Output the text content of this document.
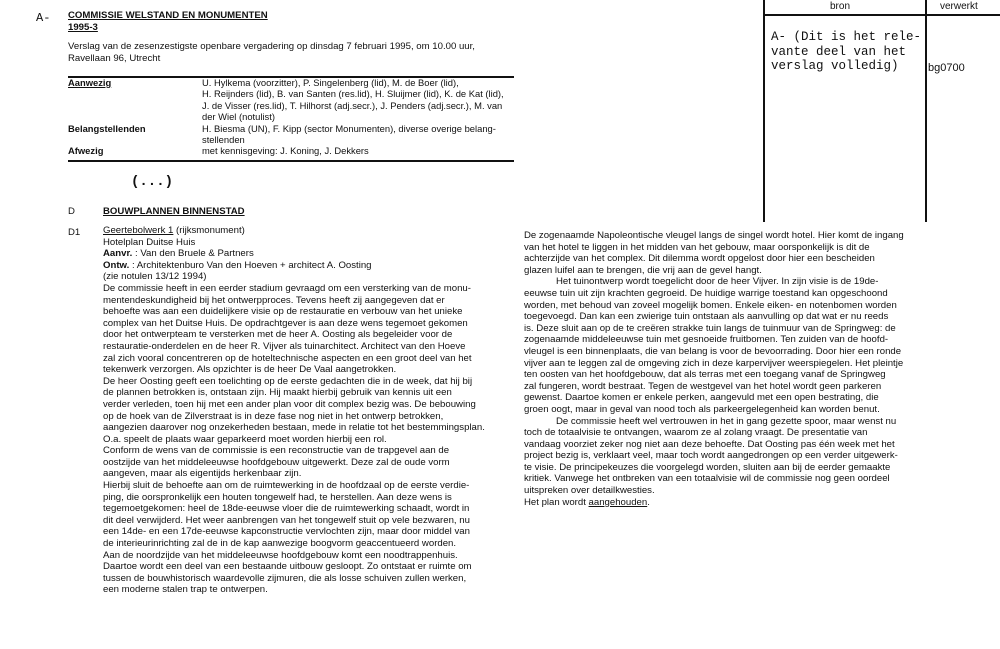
A- COMMISSIE WELSTAND EN MONUMENTEN
1995-3
Verslag van de zesenzestigste openbare vergadering op dinsdag 7 februari 1995, om 10.00 uur,
Ravellaan 96, Utrecht
Aanwezig	U. Hylkema (voorzitter), P. Singelenberg (lid), M. de Boer (lid),
H. Reijnders (lid), B. van Santen (res.lid), H. Sluijmer (lid), K. de Kat (lid),
J. de Visser (res.lid), T. Hilhorst (adj.secr.), J. Penders (adj.secr.), M. van
der Wiel (notulist)

Belangstellenden	H. Biesma (UN), F. Kipp (sector Monumenten), diverse overige belang-
stellenden

Afwezig	met kennisgeving: J. Koning, J. Dekkers
(...)
D	BOUWPLANNEN BINNENSTAD
D1 Geertebolwerk 1 (rijksmonument)
Hotelplan Duitse Huis
Aanvr. : Van den Bruele & Partners
Ontw. : Architektenburo Van den Hoeven + architect A. Oosting
(zie notulen 13/12 1994)
De commissie heeft in een eerder stadium gevraagd om een versterking van de monu-
mentendeskundigheid bij het ontwerpproces. Tevens heeft zij aangegeven dat er
behoefte was aan een duidelijkere visie op de restauratie en verbouw van het unieke
complex van het Duitse Huis. De opdrachtgever is aan deze wens tegemoet gekomen
door het ontwerpteam te versterken met de heer A. Oosting als begeleider voor de
restauratie-onderdelen en de heer R. Vijver als tuinarchitect. Architect van den Hoeve
zal zich vooral concentreren op de hoteltechnische aspecten en een groot deel van het
tekenwerk verzorgen. Als opzichter is de heer De Vaal aangetrokken.
De heer Oosting geeft een toelichting op de eerste gedachten die in de week, dat hij bij
de plannen betrokken is, ontstaan zijn. Hij maakt hierbij gebruik van kennis uit een
verder verleden, toen hij met een ander plan voor dit complex bezig was. De bebouwing
op de hoek van de Zilverstraat is in deze fase nog niet in het ontwerp betrokken,
aangezien daarover nog onzekerheden bestaan, mede in relatie tot het bestemmingsplan.
O.a. speelt de plaats waar geparkeerd moet worden hierbij een rol.
Conform de wens van de commissie is een reconstructie van de trapgevel aan de
oostzijde van het middeleeuwse hoofdgebouw uitgewerkt. Deze zal de oude vorm
aangeven, maar als eigentijds herkenbaar zijn.
Hierbij sluit de behoefte aan om de ruimtewerking in de hoofdzaal op de eerste verdie-
ping, die oorspronkelijk een houten tongewelf had, te herstellen. Aan deze wens is
tegemoetgekomen: heel de 18de-eeuwse vloer die de ruimtewerking schaadt, wordt in
dit deel verwijderd. Het weer aanbrengen van het tongewelf stuit op vele bezwaren, nu
een 14de- en een 17de-eeuwse kapconstructie vervlochten zijn, maar door middel van
de interieurinrichting zal de in de kap aanwezige boogvorm geaccentueerd worden.
Aan de noordzijde van het middeleeuwse hoofdgebouw komt een noodtrappenhuis.
Daartoe wordt een deel van een bestaande uitbouw gesloopt. Zo ontstaat er ruimte om
tussen de bouwhistorisch waardevolle zijmuren, die als losse schuiven zullen werken,
een moderne stalen trap te ontwerpen.
De zogenaamde Napoleontische vleugel langs de singel wordt hotel. Hier komt de ingang
van het hotel te liggen in het midden van het gebouw, maar oorsponkelijk is dit de
achterzijde van het complex. Dit dilemma wordt opgelost door hier een bescheiden
glazen luifel aan te brengen, die vrij aan de gevel hangt.
Het tuinontwerp wordt toegelicht door de heer Vijver. In zijn visie is de 19de-
eeuwse tuin uit zijn krachten gegroeid. De huidige warrige toestand kan opgeschoond
worden, met behoud van zoveel mogelijk bomen. Enkele eiken- en notenbomen worden
toegevoegd. Dan kan een zwierige tuin ontstaan als aanvulling op dat wat er nu reeds
is. Deze sluit aan op de te creëren strakke tuin langs de tuinmuur van de Springweg: de
zogenaamde middeleeuwse tuin met gesnoeide fruitbomen. Ten zuiden van de hoofd-
vleugel is een binnenplaats, die van belang is voor de bevoorrading. Door hier een ronde
vijver aan te leggen zal de omgeving zich in deze karpervijver weerspiegelen. Het pleintje
ten oosten van het hoofdgebouw, dat als terras met een toegang vanaf de Springweg
zal fungeren, wordt bestraat. Tegen de westgevel van het hotel wordt geen parkeren
gewenst. Daartoe komen er enkele perken, aangevuld met een open bestrating, die
groen oogt, maar in geval van nood toch als parkeergelegenheid kan worden benut.
De commissie heeft wel vertrouwen in het in gang gezette spoor, maar wenst nu
toch de totaalvisie te ontvangen, waarom ze al zolang vraagt. De presentatie van
vandaag voorziet zeker nog niet aan deze behoefte. Dat Oosting pas één week met het
project bezig is, verklaart veel, maar toch wordt aangedrongen op een verder uitgewerk-
te visie. De principekeuzes die voorgelegd worden, sluiten aan bij de eerder gemaakte
kritiek. Vanwege het ontbreken van een totaalvisie wil de commissie nog geen oordeel
uitspreken over detailkwesties.
Het plan wordt aangehouden.
bron	verwerkt
A- (Dit is het rele-
vante deel van het
verslag volledig)	bg0700
